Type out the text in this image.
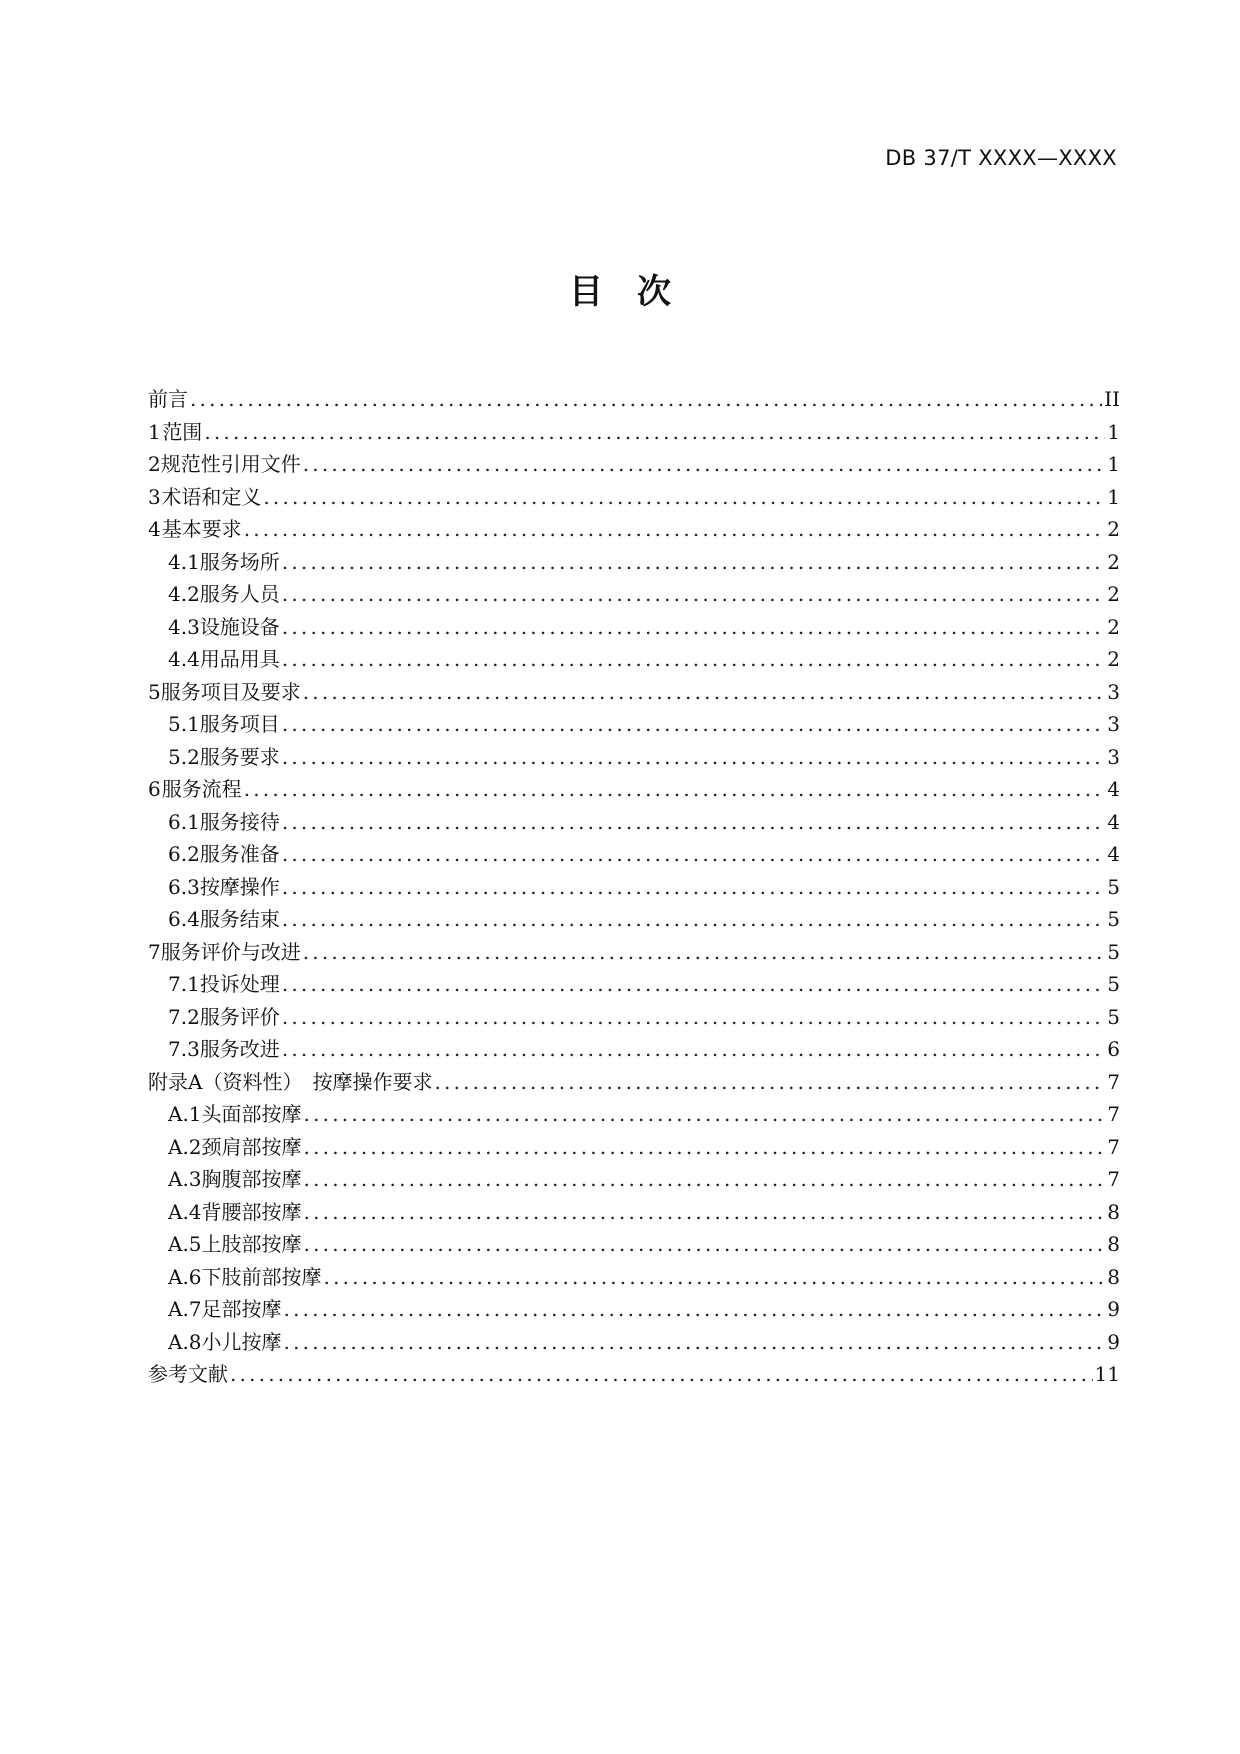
DB 37/T XXXX—XXXX
目 次
前言 .....	II
1 范围 .....	1
2 规范性引用文件 .....	1
3 术语和定义 .....	1
4 基本要求 .....	2
4.1 服务场所 .....	2
4.2 服务人员 .....	2
4.3 设施设备 .....	2
4.4 用品用具 .....	2
5 服务项目及要求 .....	3
5.1 服务项目 .....	3
5.2 服务要求 .....	3
6 服务流程 .....	4
6.1 服务接待 .....	4
6.2 服务准备 .....	4
6.3 按摩操作 .....	5
6.4 服务结束 .....	5
7 服务评价与改进 .....	5
7.1 投诉处理 .....	5
7.2 服务评价 .....	5
7.3 服务改进 .....	6
附录A（资料性）　按摩操作要求 .....	7
A.1 头面部按摩 .....	7
A.2 颈肩部按摩 .....	7
A.3 胸腹部按摩 .....	7
A.4 背腰部按摩 .....	8
A.5 上肢部按摩 .....	8
A.6 下肢前部按摩 .....	8
A.7 足部按摩 .....	9
A.8 小儿按摩 .....	9
参考文献 .....	11
